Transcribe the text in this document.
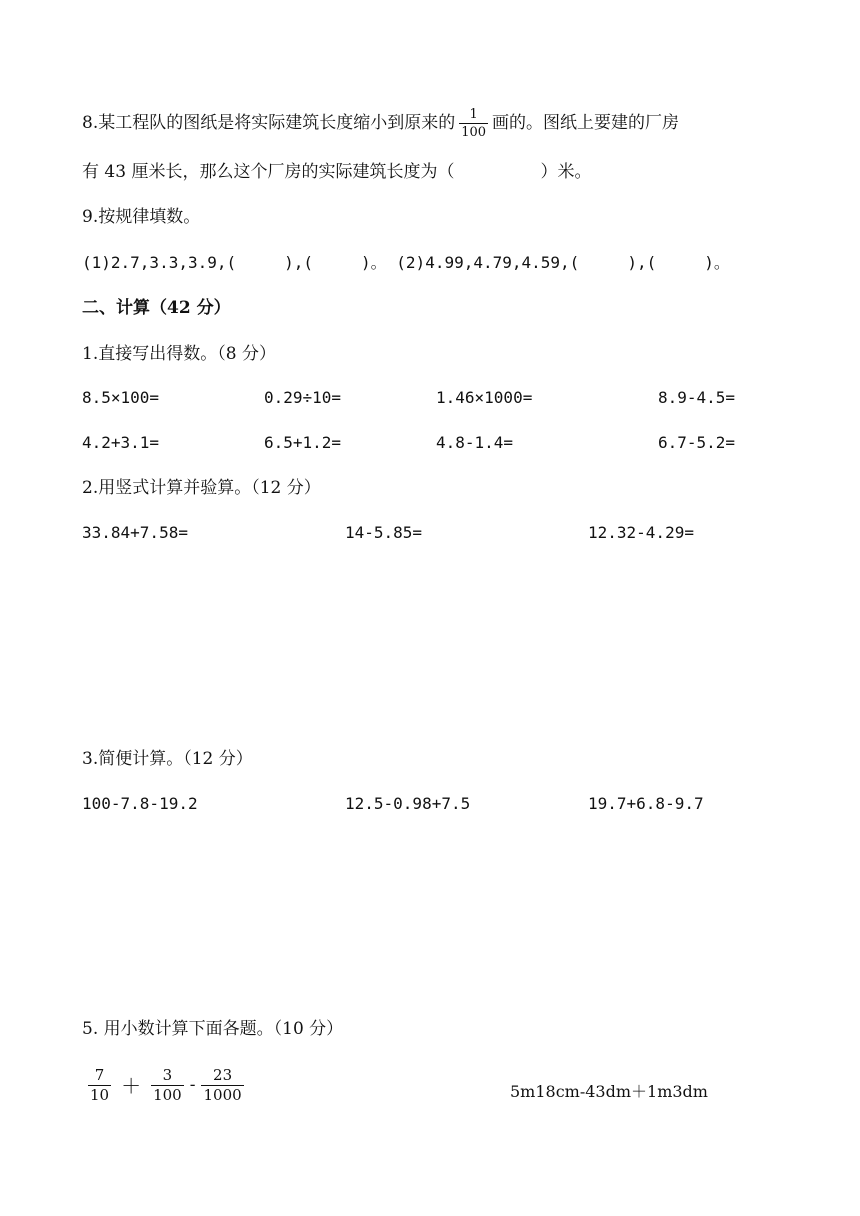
8.某工程队的图纸是将实际建筑长度缩小到原来的 $\frac{1}{100}$ 画的。图纸上要建的厂房
有 43 厘米长，那么这个厂房的实际建筑长度为（	）米。
9.按规律填数。
(1)2.7,3.3,3.9,(　　　),(　　　)。 (2)4.99,4.79,4.59,(　　　),(　　　)。
二、计算（42 分）
1.直接写出得数。（8 分）
8.5×100=	0.29÷10=	1.46×1000=	8.9-4.5=
4.2+3.1=	6.5+1.2=	4.8-1.4=	6.7-5.2=
2.用竖式计算并验算。（12 分）
33.84+7.58=	14-5.85=	12.32-4.29=
3.简便计算。（12 分）
100-7.8-19.2	12.5-0.98+7.5	19.7+6.8-9.7
5. 用小数计算下面各题。（10 分）
$\frac{7}{10} + \frac{3}{100} - \frac{23}{1000}$	5m18cm-43dm＋1m3dm
